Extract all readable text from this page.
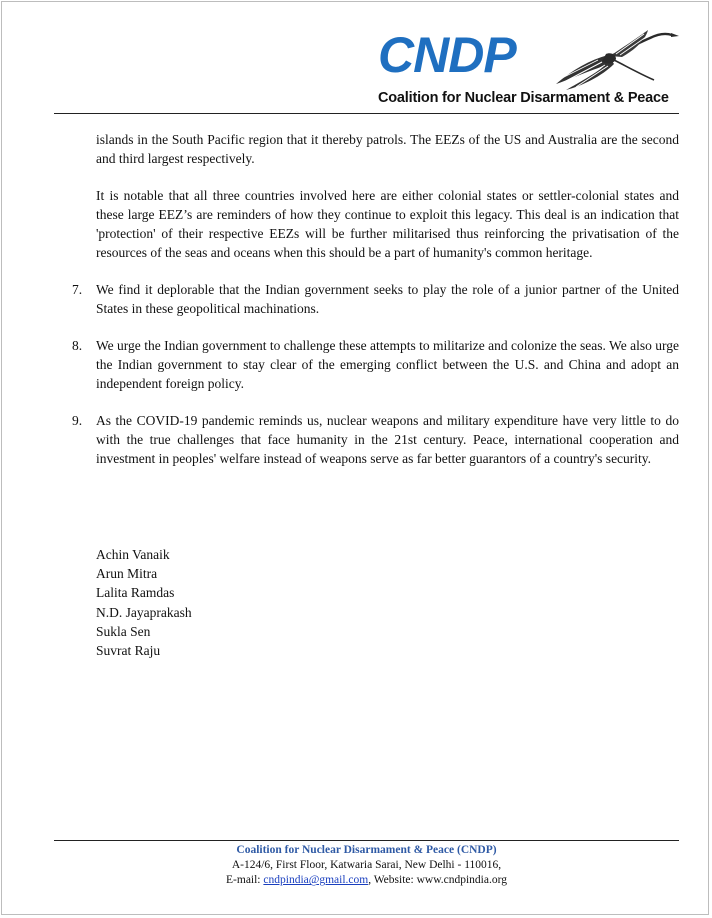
CNDP
Coalition for Nuclear Disarmament & Peace

islands in the South Pacific region that it thereby patrols. The EEZs of the US and Australia are the second and third largest respectively.

It is notable that all three countries involved here are either colonial states or settler-colonial states and these large EEZ’s are reminders of how they continue to exploit this legacy. This deal is an indication that 'protection' of their respective EEZs will be further militarised thus reinforcing the privatisation of the resources of the seas and oceans when this should be a part of humanity's common heritage.

7. We find it deplorable that the Indian government seeks to play the role of a junior partner of the United States in these geopolitical machinations.
8. We urge the Indian government to challenge these attempts to militarize and colonize the seas. We also urge the Indian government to stay clear of the emerging conflict between the U.S. and China and adopt an independent foreign policy.
9. As the COVID-19 pandemic reminds us, nuclear weapons and military expenditure have very little to do with the true challenges that face humanity in the 21st century. Peace, international cooperation and investment in peoples' welfare instead of weapons serve as far better guarantors of a country's security.
Achin Vanaik
Arun Mitra
Lalita Ramdas
N.D. Jayaprakash
Sukla Sen
Suvrat Raju
Coalition for Nuclear Disarmament & Peace (CNDP)
A-124/6, First Floor, Katwaria Sarai, New Delhi - 110016,
E-mail: cndpindia@gmail.com, Website: www.cndpindia.org
